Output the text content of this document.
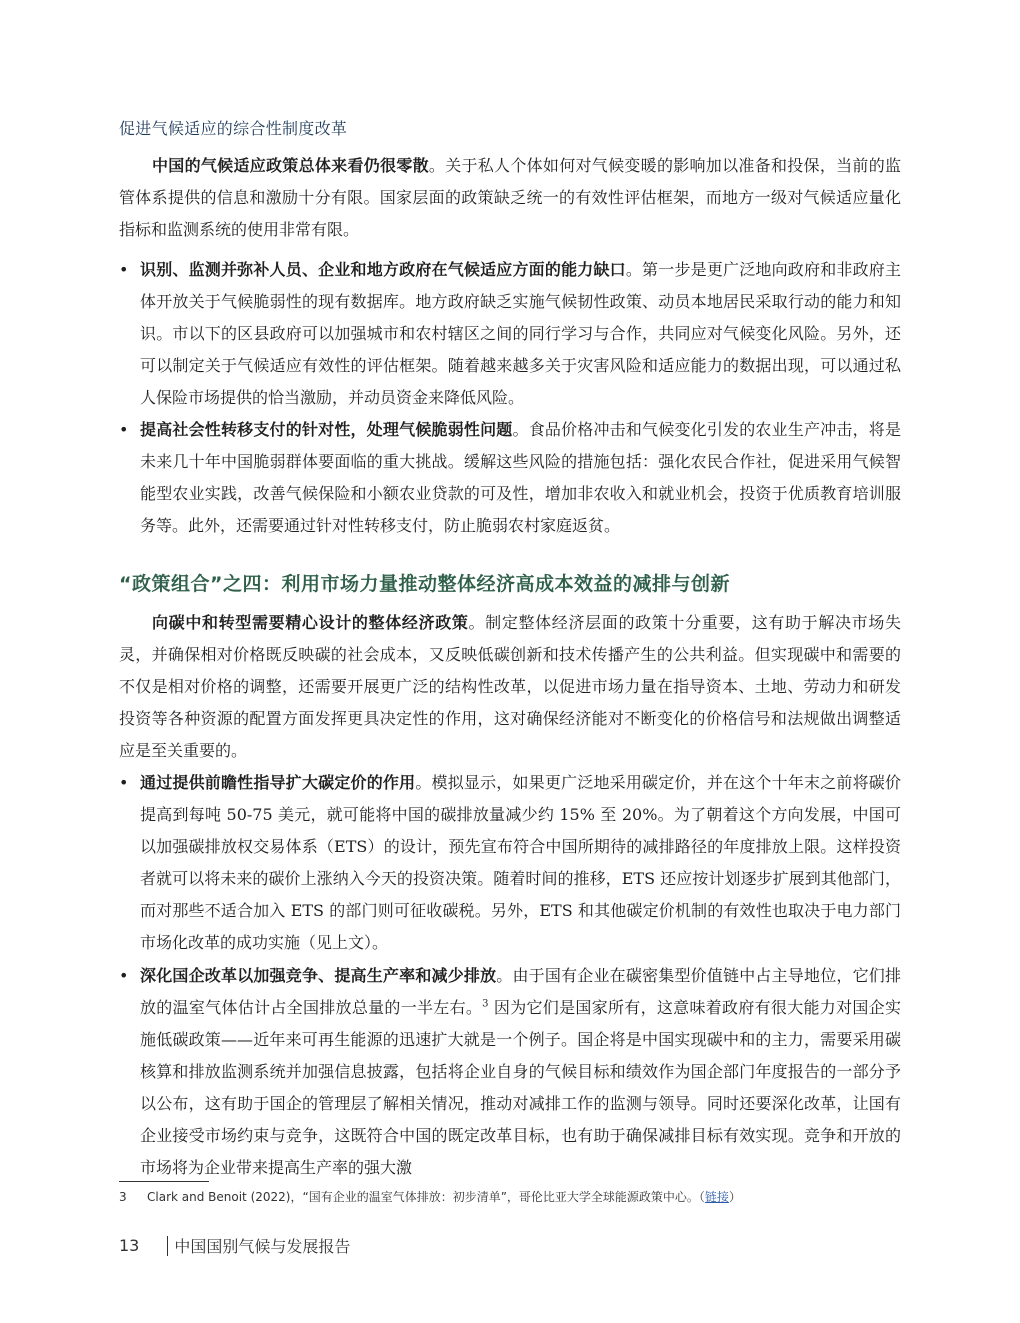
促进气候适应的综合性制度改革
中国的气候适应政策总体来看仍很零散。关于私人个体如何对气候变暖的影响加以准备和投保，当前的监管体系提供的信息和激励十分有限。国家层面的政策缺乏统一的有效性评估框架，而地方一级对气候适应量化指标和监测系统的使用非常有限。
• 识别、监测并弥补人员、企业和地方政府在气候适应方面的能力缺口。第一步是更广泛地向政府和非政府主体开放关于气候脆弱性的现有数据库。地方政府缺乏实施气候韧性政策、动员本地居民采取行动的能力和知识。市以下的区县政府可以加强城市和农村辖区之间的同行学习与合作，共同应对气候变化风险。另外，还可以制定关于气候适应有效性的评估框架。随着越来越多关于灾害风险和适应能力的数据出现，可以通过私人保险市场提供的恰当激励，并动员资金来降低风险。
• 提高社会性转移支付的针对性，处理气候脆弱性问题。食品价格冲击和气候变化引发的农业生产冲击，将是未来几十年中国脆弱群体要面临的重大挑战。缓解这些风险的措施包括：强化农民合作社，促进采用气候智能型农业实践，改善气候保险和小额农业贷款的可及性，增加非农收入和就业机会，投资于优质教育培训服务等。此外，还需要通过针对性转移支付，防止脆弱农村家庭返贫。
“政策组合”之四：利用市场力量推动整体经济高成本效益的减排与创新
向碳中和转型需要精心设计的整体经济政策。制定整体经济层面的政策十分重要，这有助于解决市场失灵，并确保相对价格既反映碳的社会成本，又反映低碳创新和技术传播产生的公共利益。但实现碳中和需要的不仅是相对价格的调整，还需要开展更广泛的结构性改革，以促进市场力量在指导资本、土地、劳动力和研发投资等各种资源的配置方面发挥更具决定性的作用，这对确保经济能对不断变化的价格信号和法规做出调整适应是至关重要的。
• 通过提供前瞻性指导扩大碳定价的作用。模拟显示，如果更广泛地采用碳定价，并在这个十年末之前将碳价提高到每吨 50-75 美元，就可能将中国的碳排放量减少约 15% 至 20%。为了朝着这个方向发展，中国可以加强碳排放权交易体系（ETS）的设计，预先宣布符合中国所期待的减排路径的年度排放上限。这样投资者就可以将未来的碳价上涨纳入今天的投资决策。随着时间的推移，ETS 还应按计划逐步扩展到其他部门，而对那些不适合加入 ETS 的部门则可征收碳税。另外，ETS 和其他碳定价机制的有效性也取决于电力部门市场化改革的成功实施（见上文）。
• 深化国企改革以加强竞争、提高生产率和减少排放。由于国有企业在碳密集型价值链中占主导地位，它们排放的温室气体估计占全国排放总量的一半左右。$^3$ 因为它们是国家所有，这意味着政府有很大能力对国企实施低碳政策——近年来可再生能源的迅速扩大就是一个例子。国企将是中国实现碳中和的主力，需要采用碳核算和排放监测系统并加强信息披露，包括将企业自身的气候目标和绩效作为国企部门年度报告的一部分予以公布，这有助于国企的管理层了解相关情况，推动对减排工作的监测与领导。同时还要深化改革，让国有企业接受市场约束与竞争，这既符合中国的既定改革目标，也有助于确保减排目标有效实现。竞争和开放的市场将为企业带来提高生产率的强大激
3 Clark and Benoit (2022)，“国有企业的温室气体排放：初步清单”，哥伦比亚大学全球能源政策中心。（链接）
13 中国国别气候与发展报告
